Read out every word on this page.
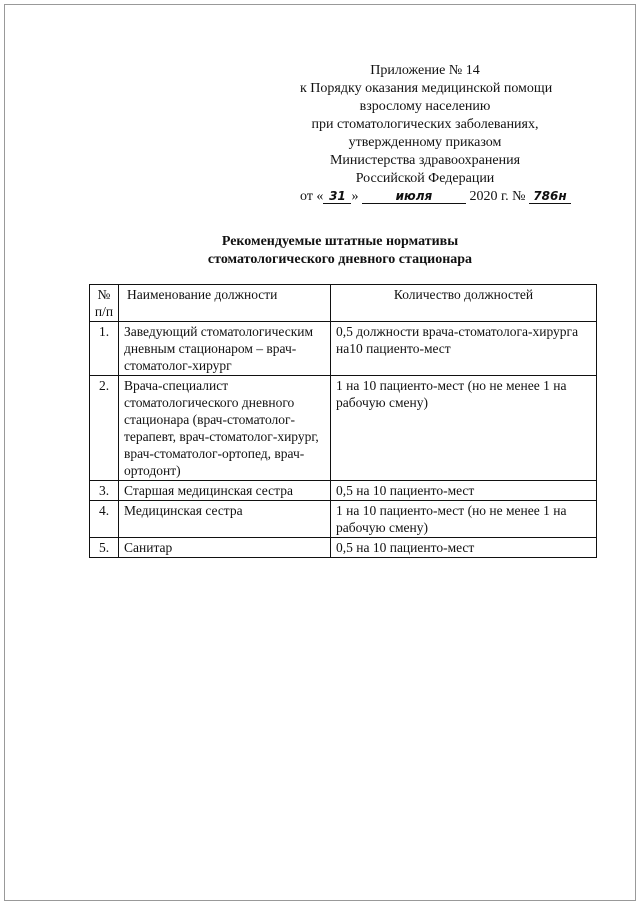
Приложение № 14
к Порядку оказания медицинской помощи
взрослому населению
при стоматологических заболеваниях,
утвержденному приказом
Министерства здравоохранения
Российской Федерации
от « 31 »	июля	2020 г. № 786н
Рекомендуемые штатные нормативы
стоматологического дневного стационара
№ п/п	Наименование должности	Количество должностей
1.	Заведующий стоматологическим дневным стационаром – врач-стоматолог-хирург	0,5 должности врача-стоматолога-хирурга на10 пациенто-мест
2.	Врача-специалист стоматологического дневного стационара (врач-стоматолог-терапевт, врач-стоматолог-хирург, врач-стоматолог-ортопед, врач-ортодонт)	1 на 10 пациенто-мест (но не менее 1 на рабочую смену)
3.	Старшая медицинская сестра	0,5 на 10 пациенто-мест
4.	Медицинская сестра	1 на 10 пациенто-мест (но не менее 1 на рабочую смену)
5.	Санитар	0,5 на 10 пациенто-мест
